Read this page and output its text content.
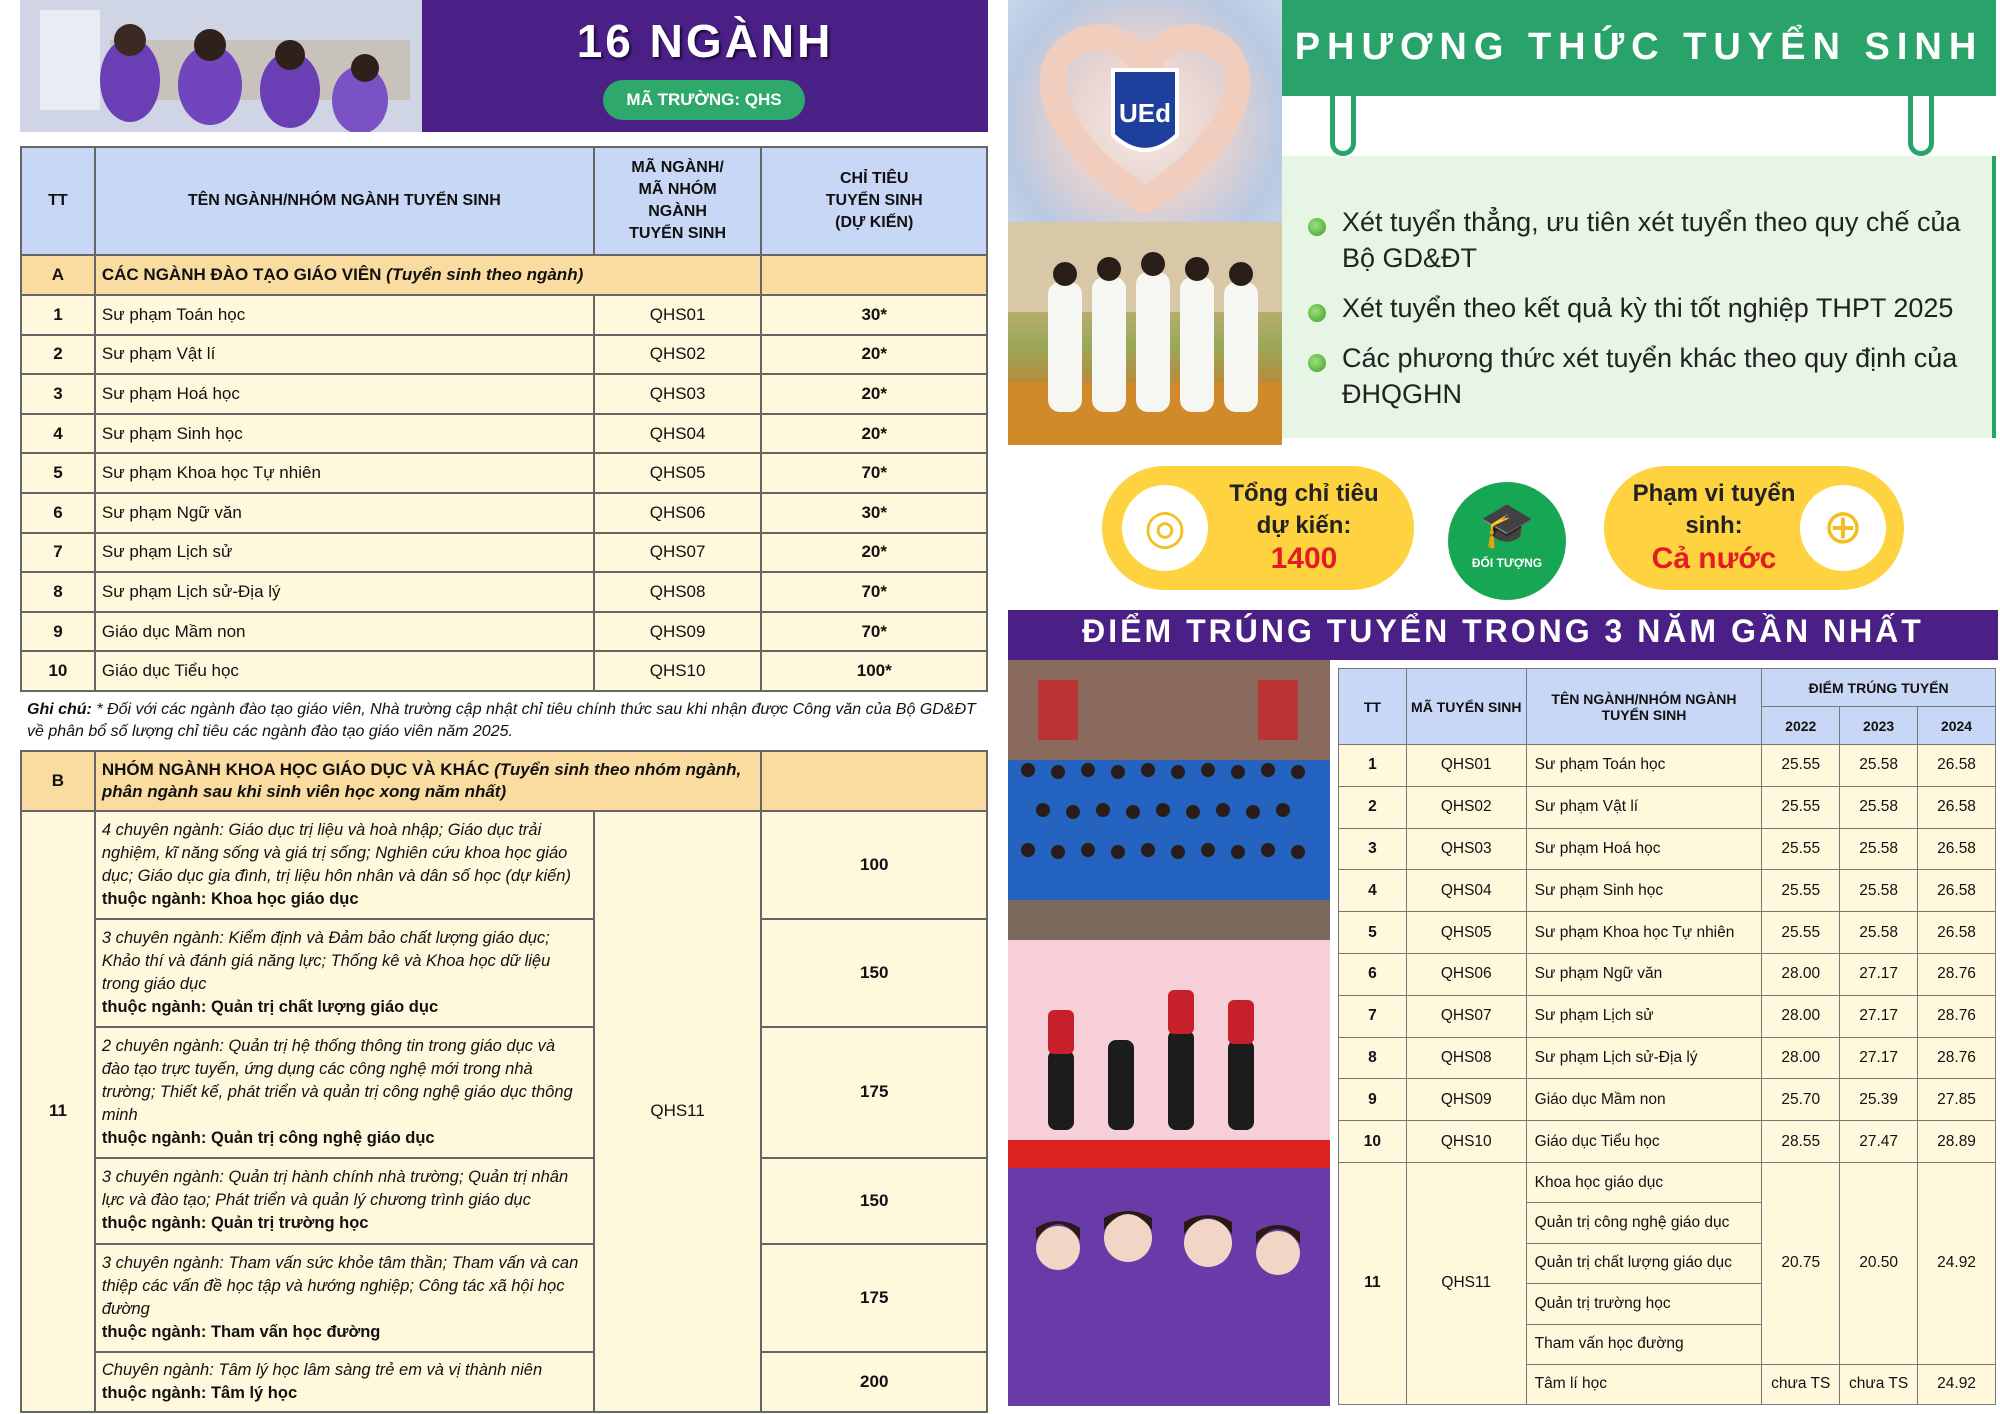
16 NGÀNH
MÃ TRƯỜNG: QHS
TT	TÊN NGÀNH/NHÓM NGÀNH TUYỂN SINH	MÃ NGÀNH/
MÃ NHÓM
NGÀNH
TUYỂN SINH	CHỈ TIÊU
TUYỂN SINH
(DỰ KIẾN)
A	CÁC NGÀNH ĐÀO TẠO GIÁO VIÊN (Tuyển sinh theo ngành)		
1	Sư phạm Toán học	QHS01	30*
2	Sư phạm Vật lí	QHS02	20*
3	Sư phạm Hoá học	QHS03	20*
4	Sư phạm Sinh học	QHS04	20*
5	Sư phạm Khoa học Tự nhiên	QHS05	70*
6	Sư phạm Ngữ văn	QHS06	30*
7	Sư phạm Lịch sử	QHS07	20*
8	Sư phạm Lịch sử-Địa lý	QHS08	70*
9	Giáo dục Mầm non	QHS09	70*
10	Giáo dục Tiểu học	QHS10	100*
Ghi chú: * Đối với các ngành đào tạo giáo viên, Nhà trường cập nhật chỉ tiêu chính thức sau khi nhận được Công văn của Bộ GD&ĐT về phân bổ số lượng chỉ tiêu các ngành đào tạo giáo viên năm 2025.			
B	NHÓM NGÀNH KHOA HỌC GIÁO DỤC VÀ KHÁC (Tuyển sinh theo nhóm ngành, phân ngành sau khi sinh viên học xong năm nhất)		
11	4 chuyên ngành: Giáo dục trị liệu và hoà nhập; Giáo dục trải nghiệm, kĩ năng sống và giá trị sống; Nghiên cứu khoa học giáo dục; Giáo dục gia đình, trị liệu hôn nhân và dân số học (dự kiến)
thuộc ngành: Khoa học giáo dục	QHS11	100
	3 chuyên ngành: Kiểm định và Đảm bảo chất lượng giáo dục; Khảo thí và đánh giá năng lực; Thống kê và Khoa học dữ liệu trong giáo dục
thuộc ngành: Quản trị chất lượng giáo dục		150
	2 chuyên ngành: Quản trị hệ thống thông tin trong giáo dục và đào tạo trực tuyến, ứng dụng các công nghệ mới trong nhà trường; Thiết kế, phát triển và quản trị công nghệ giáo dục thông minh
thuộc ngành: Quản trị công nghệ giáo dục		175
	3 chuyên ngành: Quản trị hành chính nhà trường; Quản trị nhân lực và đào tạo; Phát triển và quản lý chương trình giáo dục
thuộc ngành: Quản trị trường học		150
	3 chuyên ngành: Tham vấn sức khỏe tâm thần; Tham vấn và can thiệp các vấn đề học tập và hướng nghiệp; Công tác xã hội học đường
thuộc ngành: Tham vấn học đường		175
	Chuyên ngành: Tâm lý học lâm sàng trẻ em và vị thành niên
thuộc ngành: Tâm lý học		200
UEd
PHƯƠNG THỨC TUYỂN SINH
Xét tuyển thẳng, ưu tiên xét tuyển theo quy chế của Bộ GD&ĐT
Xét tuyển theo kết quả kỳ thi tốt nghiệp THPT 2025
Các phương thức xét tuyển khác theo quy định của ĐHQGHN
◎
Tổng chỉ tiêu dự kiến:
1400
🎓
ĐỐI TƯỢNG
Phạm vi tuyển sinh:
Cả nước
⊕
ĐIỂM TRÚNG TUYỂN TRONG 3 NĂM GẦN NHẤT
TT	MÃ TUYỂN SINH	TÊN NGÀNH/NHÓM NGÀNH TUYỂN SINH	ĐIỂM TRÚNG TUYỂN		
			2022	2023	2024
1	QHS01	Sư phạm Toán học	25.55	25.58	26.58
2	QHS02	Sư phạm Vật lí	25.55	25.58	26.58
3	QHS03	Sư phạm Hoá học	25.55	25.58	26.58
4	QHS04	Sư phạm Sinh học	25.55	25.58	26.58
5	QHS05	Sư phạm Khoa học Tự nhiên	25.55	25.58	26.58
6	QHS06	Sư phạm Ngữ văn	28.00	27.17	28.76
7	QHS07	Sư phạm Lịch sử	28.00	27.17	28.76
8	QHS08	Sư phạm Lịch sử-Địa lý	28.00	27.17	28.76
9	QHS09	Giáo dục Mầm non	25.70	25.39	27.85
10	QHS10	Giáo dục Tiểu học	28.55	27.47	28.89
11	QHS11	Khoa học giáo dục	20.75	20.50	24.92
		Quản trị công nghệ giáo dục			
		Quản trị chất lượng giáo dục			
		Quản trị trường học			
		Tham vấn học đường			
		Tâm lí học	chưa TS	chưa TS	24.92
